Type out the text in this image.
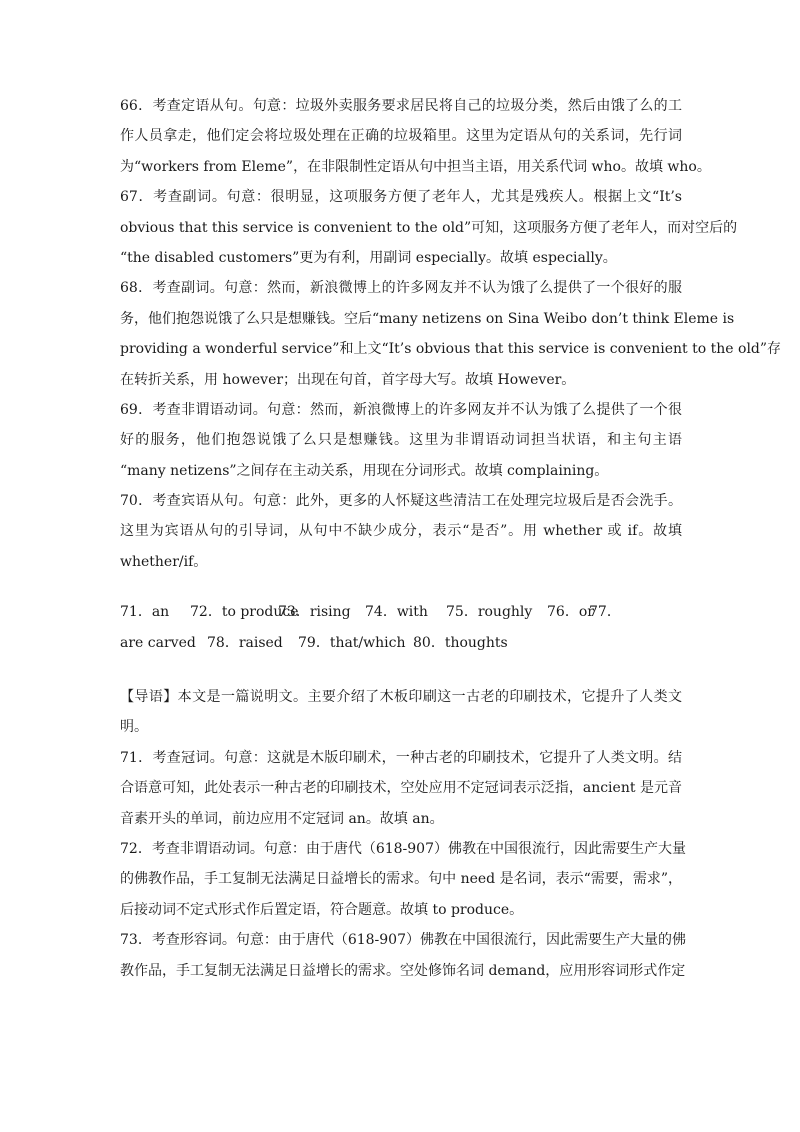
66．考查定语从句。句意：垃圾外卖服务要求居民将自己的垃圾分类，然后由饿了么的工
作人员拿走，他们定会将垃圾处理在正确的垃圾箱里。这里为定语从句的关系词，先行词
为“workers from Eleme”，在非限制性定语从句中担当主语，用关系代词 who。故填 who。
67．考查副词。句意：很明显，这项服务方便了老年人，尤其是残疾人。根据上文“It’s
obvious that this service is convenient to the old”可知，这项服务方便了老年人，而对空后的
“the disabled customers”更为有利，用副词 especially。故填 especially。
68．考查副词。句意：然而，新浪微博上的许多网友并不认为饿了么提供了一个很好的服
务，他们抱怨说饿了么只是想赚钱。空后“many netizens on Sina Weibo don’t think Eleme is
providing a wonderful service”和上文“It’s obvious that this service is convenient to the old”存
在转折关系，用 however；出现在句首，首字母大写。故填 However。
69．考查非谓语动词。句意：然而，新浪微博上的许多网友并不认为饿了么提供了一个很
好的服务，他们抱怨说饿了么只是想赚钱。这里为非谓语动词担当状语，和主句主语
“many netizens”之间存在主动关系，用现在分词形式。故填 complaining。
70．考查宾语从句。句意：此外，更多的人怀疑这些清洁工在处理完垃圾后是否会洗手。
这里为宾语从句的引导词，从句中不缺少成分，表示“是否”。用 whether 或 if。故填
whether/if。
71．an	72．to produce
73．rising	74．with	75．roughly	76．or
77．
are carved 78．raised	79．that/which 80．thoughts
【导语】本文是一篇说明文。主要介绍了木板印刷这一古老的印刷技术，它提升了人类文
明。
71．考查冠词。句意：这就是木版印刷术，一种古老的印刷技术，它提升了人类文明。结
合语意可知，此处表示一种古老的印刷技术，空处应用不定冠词表示泛指，ancient 是元音
音素开头的单词，前边应用不定冠词 an。故填 an。
72．考查非谓语动词。句意：由于唐代（618-907）佛教在中国很流行，因此需要生产大量
的佛教作品，手工复制无法满足日益增长的需求。句中 need 是名词，表示“需要，需求”，
后接动词不定式形式作后置定语，符合题意。故填 to produce。
73．考查形容词。句意：由于唐代（618-907）佛教在中国很流行，因此需要生产大量的佛
教作品，手工复制无法满足日益增长的需求。空处修饰名词 demand，应用形容词形式作定
